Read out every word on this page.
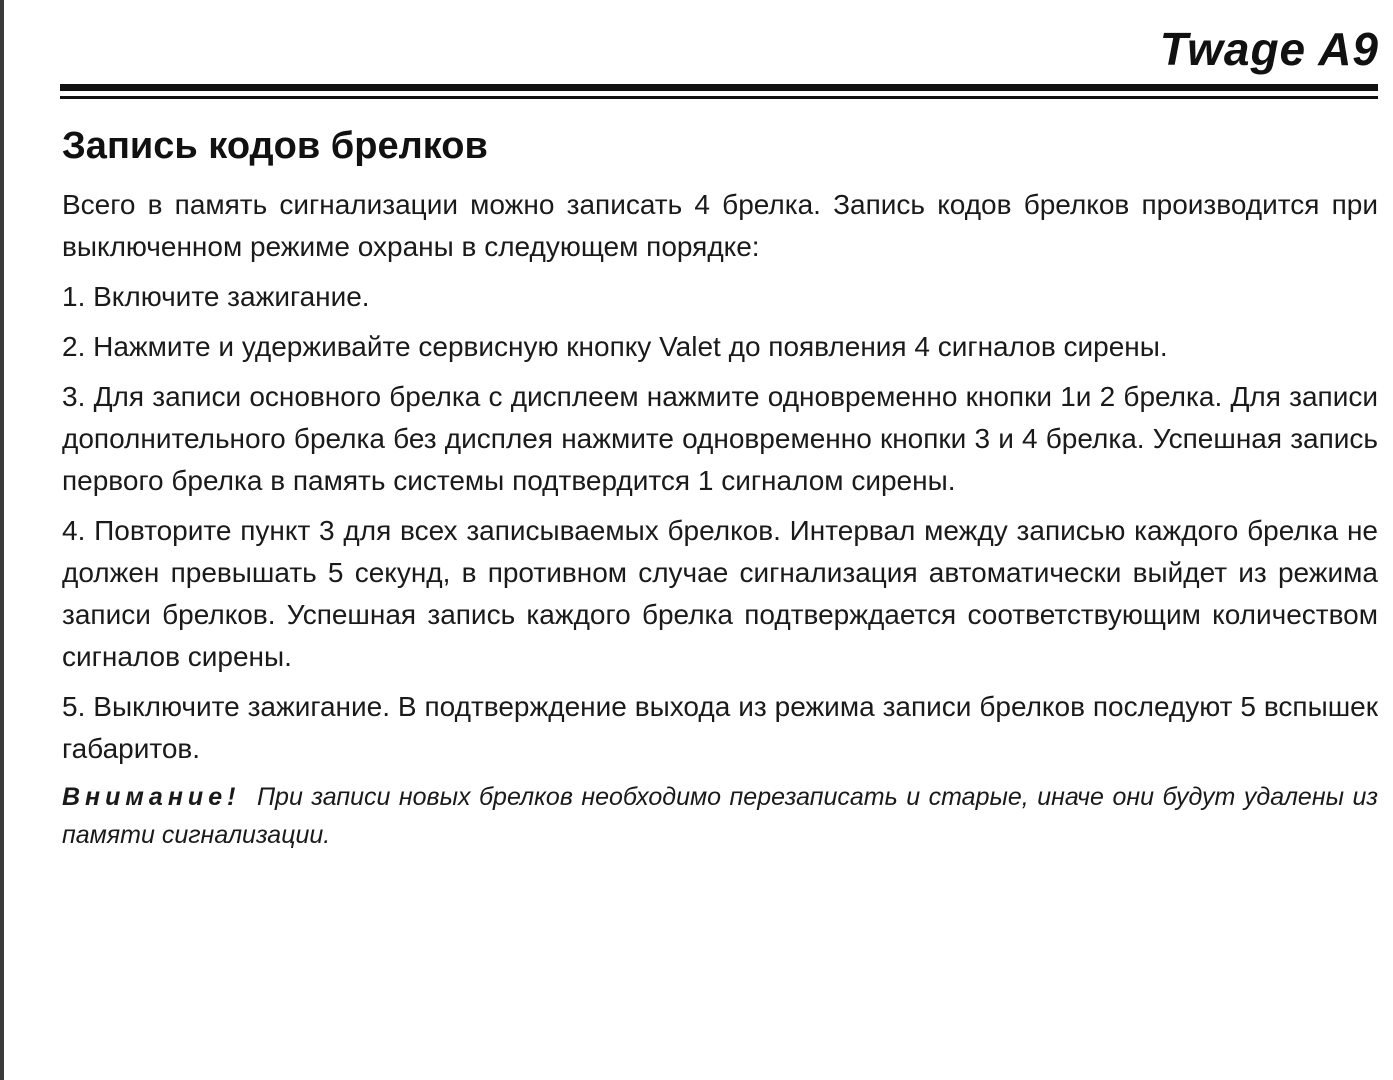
Twage A9
Запись кодов брелков

Всего в память сигнализации можно записать 4 брелка. Запись кодов брелков производится при выключенном режиме охраны в следующем порядке:

1. Включите зажигание.

2. Нажмите и удерживайте сервисную кнопку Valet до появления 4 сигналов сирены.

3. Для записи основного брелка с дисплеем нажмите одновременно кнопки 1и 2 брелка. Для записи дополнительного брелка без дисплея нажмите одновременно кнопки 3 и 4 брелка. Успешная запись первого брелка в память системы подтвердится 1 сигналом сирены.

4. Повторите пункт 3 для всех записываемых брелков. Интервал между записью каждого брелка не должен превышать 5 секунд, в противном случае сигнализация автоматически выйдет из режима записи брелков. Успешная запись каждого брелка подтверждается соответствующим количеством сигналов сирены.

5. Выключите зажигание. В подтверждение выхода из режима записи брелков последуют 5 вспышек габаритов.

Внимание! При записи новых брелков необходимо перезаписать и старые, иначе они будут удалены из памяти сигнализации.
